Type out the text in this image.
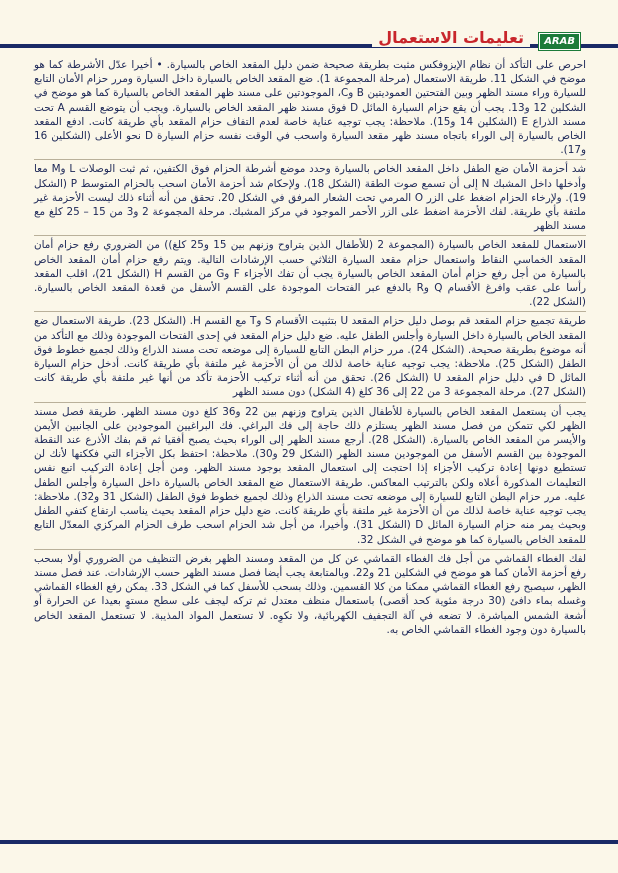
تعليمات الاستعمال	ARAB

احرص على التأكد أن نظام الإيزوفكس مثبت بطريقة صحيحة ضمن دليل المقعد الخاص بالسيارة. • أخيرا عدّل الأشرطة كما هو موضح في الشكل 11. طريقة الاستعمال (مرحلة المجموعة 1). ضع المقعد الخاص بالسيارة داخل السيارة ومرر حزام الأمان التابع للسيارة وراء مسند الظهر وبين الفتحتين العموديتين B وC، الموجودتين على مسند ظهر المقعد الخاص بالسيارة كما هو موضح في الشكلين 12 و13. يجب أن يقع حزام السيارة المائل D فوق مسند ظهر المقعد الخاص بالسيارة. ويجب أن يتوضع القسم A تحت مسند الذراع E (الشكلين 14 و15). ملاحظة: يجب توجيه عناية خاصة لعدم التفاف حزام المقعد بأي طريقة كانت. ادفع المقعد الخاص بالسيارة إلى الوراء باتجاه مسند ظهر مقعد السيارة واسحب في الوقت نفسه حزام السيارة D نحو الأعلى (الشكلين 16 و17).

شد أحزمة الأمان ضع الطفل داخل المقعد الخاص بالسيارة وحدد موضع أشرطة الحزام فوق الكتفين، ثم ثبت الوصلات L وM معا وأدخلها داخل المشبك N إلى أن تسمع صوت الطقة (الشكل 18). ولإحكام شد أحزمة الأمان اسحب بالحزام المتوسط P (الشكل 19). ولإرخاء الحزام اضغط على الزر O المرمي تحت الشعار المرفق في الشكل 20. تحقق من أنه أثناء ذلك ليست الأحزمة غير ملتفة بأي طريقة. لفك الأحزمة اضغط على الزر الأحمر الموجود في مركز المشبك. مرحلة المجموعة 2 و3 من 15 – 25 كلغ مع مسند الظهر

الاستعمال للمقعد الخاص بالسيارة (المجموعة 2 (للأطفال الذين يتراوح وزنهم بين 15 و25 كلغ)) من الضروري رفع حزام أمان المقعد الخماسي النقاط واستعمال حزام مقعد السيارة الثلاثي حسب الإرشادات التالية. ويتم رفع حزام أمان المقعد الخاص بالسيارة من أجل رفع حزام أمان المقعد الخاص بالسيارة يجب أن تفك الأجزاء F وG من القسم H (الشكل 21)، اقلب المقعد رأسا على عقب وافرغ الأقسام Q وR بالدفع عبر الفتحات الموجودة على القسم الأسفل من قعدة المقعد الخاص بالسيارة. (الشكل 22).

طريقة تجميع حزام المقعد قم بوصل دليل حزام المقعد U بتثبيت الأقسام S وT مع القسم H. (الشكل 23). طريقة الاستعمال ضع المقعد الخاص بالسيارة داخل السيارة وأجلس الطفل عليه. ضع دليل حزام المقعد في إحدى الفتحات الموجودة وذلك مع التأكد من أنه موضوع بطريقة صحيحة. (الشكل 24). مرر حزام البطن التابع للسيارة إلى موضعه تحت مسند الذراع وذلك لجميع خطوط فوق الطفل (الشكل 25). ملاحظة: يجب توجيه عناية خاصة لذلك من أن الأحزمة غير ملتفة بأي طريقة كانت. أدخل حزام السيارة المائل D في دليل حزام المقعد U (الشكل 26). تحقق من أنه أثناء تركيب الأحزمة تأكد من أنها غير ملتفة بأي طريقة كانت (الشكل 27). مرحلة المجموعة 3 من 22 إلى 36 كلغ (4 الشكل) دون مسند الظهر

يجب أن يستعمل المقعد الخاص بالسيارة للأطفال الذين يتراوح وزنهم بين 22 و36 كلغ دون مسند الظهر. طريقة فصل مسند الظهر لكي تتمكن من فصل مسند الظهر يستلزم ذلك حاجة إلى فك البراغي. فك البراغيين الموجودين على الجانبين الأيمن والأيسر من المقعد الخاص بالسيارة. (الشكل 28). أرجع مسند الظهر إلى الوراء بحيث يصبح أفقيا ثم قم بفك الأذرع عند النقطة الموجودة بين القسم الأسفل من الموجودين مسند الظهر (الشكل 29 و30). ملاحظة: احتفظ بكل الأجزاء التي فككتها لأنك لن تستطيع دونها إعادة تركيب الأجزاء إذا احتجت إلى استعمال المقعد بوجود مسند الظهر. ومن أجل إعادة التركيب اتبع نفس التعليمات المذكورة أعلاه ولكن بالترتيب المعاكس. طريقة الاستعمال ضع المقعد الخاص بالسيارة داخل السيارة وأجلس الطفل عليه. مرر حزام البطن التابع للسيارة إلى موضعه تحت مسند الذراع وذلك لجميع خطوط فوق الطفل (الشكل 31 و32). ملاحظة: يجب توجيه عناية خاصة لذلك من أن الأحزمة غير ملتفة بأي طريقة كانت. ضع دليل حزام المقعد بحيث يناسب ارتفاع كتفي الطفل وبحيث يمر منه حزام السيارة المائل D (الشكل 31). وأخيرا، من أجل شد الحزام اسحب طرف الحزام المركزي المعدّل التابع للمقعد الخاص بالسيارة كما هو موضح في الشكل 32.

لفك الغطاء القماشي من أجل فك الغطاء القماشي عن كل من المقعد ومسند الظهر بغرض التنظيف من الضروري أولا بسحب رفع أحزمة الأمان كما هو موضح في الشكلين 21 و22. وبالمتابعة يجب أيضا فصل مسند الظهر حسب الإرشادات. عند فصل مسند الظهر، سيصبح رفع الغطاء القماشي ممكنا من كلا القسمين. وذلك بسحب للأسفل كما في الشكل 33. يمكن رفع الغطاء القماشي وغسله بماء دافئ (30 درجة مئوية كحد أقصى) باستعمال منظف معتدل ثم تركه ليجف على سطح مستوٍ بعيدا عن الحرارة أو أشعة الشمس المباشرة. لا تضعه في آلة التجفيف الكهربائية، ولا تكوِه. لا تستعمل المواد المذيبة. لا تستعمل المقعد الخاص بالسيارة دون وجود الغطاء القماشي الخاص به.
